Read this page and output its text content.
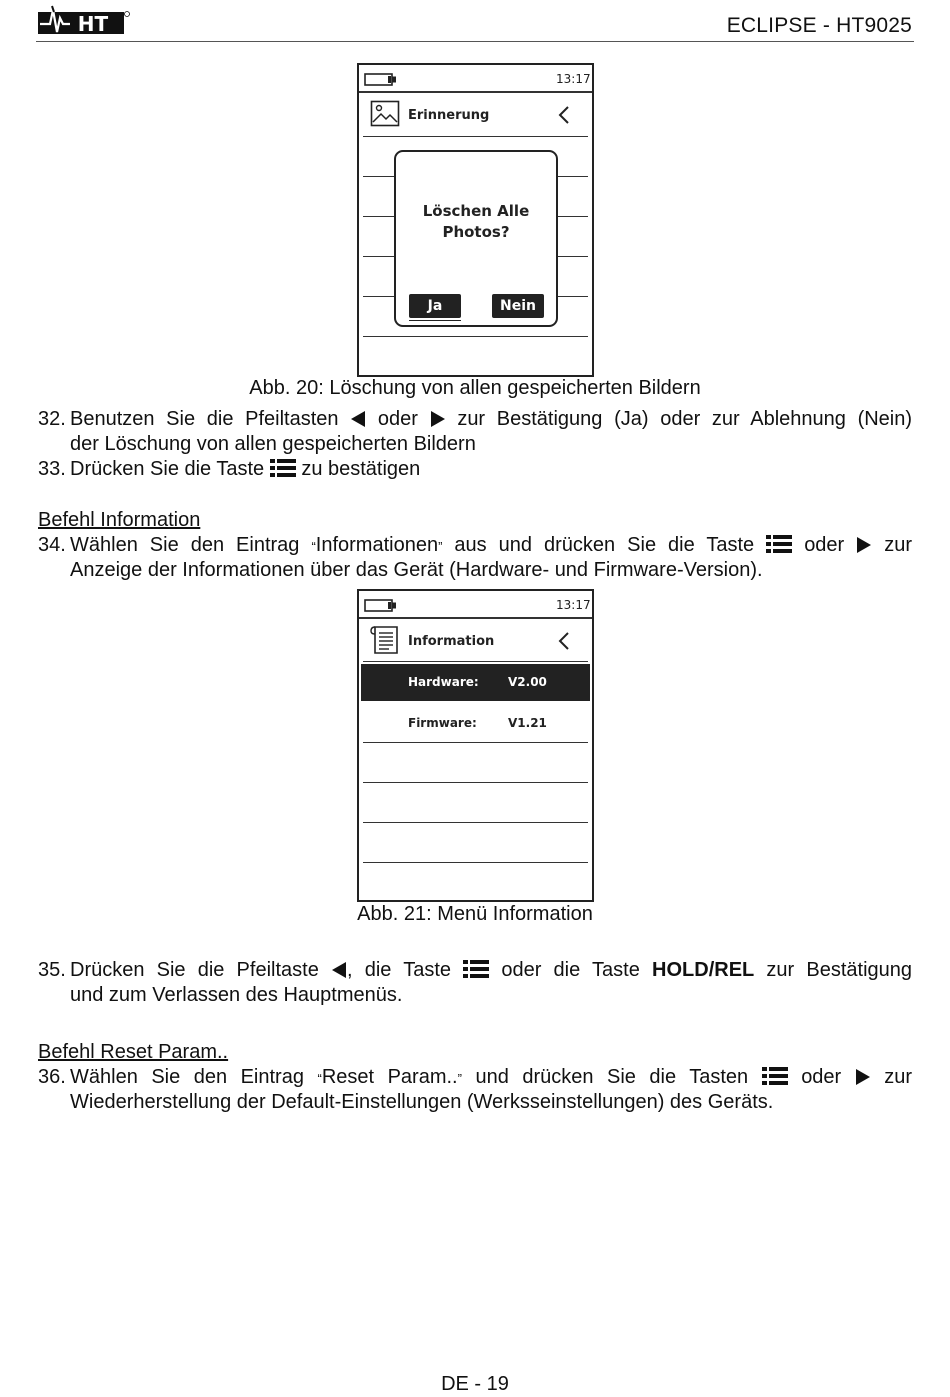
HT	ECLIPSE - HT9025
13:17
Erinnerung
Löschen Alle
Photos?
Ja	Nein
Abb. 20: Löschung von allen gespeicherten Bildern
32. Benutzen Sie die Pfeiltasten oder zur Bestätigung (Ja) oder zur Ablehnung (Nein)
der Löschung von allen gespeicherten Bildern
33. Drücken Sie die Taste zu bestätigen
Befehl Information
34. Wählen Sie den Eintrag “Informationen” aus und drücken Sie die Taste	oder zur
Anzeige der Informationen über das Gerät (Hardware- und Firmware-Version).
13:17
Information
Hardware: V2.00
Firmware:	V1.21
Abb. 21: Menü Information
35. Drücken Sie die Pfeiltaste , die Taste	oder die Taste HOLD/REL zur Bestätigung
und zum Verlassen des Hauptmenüs.
Befehl Reset Param..
36. Wählen Sie den Eintrag “Reset Param..” und drücken Sie die Tasten	oder zur
Wiederherstellung der Default-Einstellungen (Werksseinstellungen) des Geräts.
DE - 19
